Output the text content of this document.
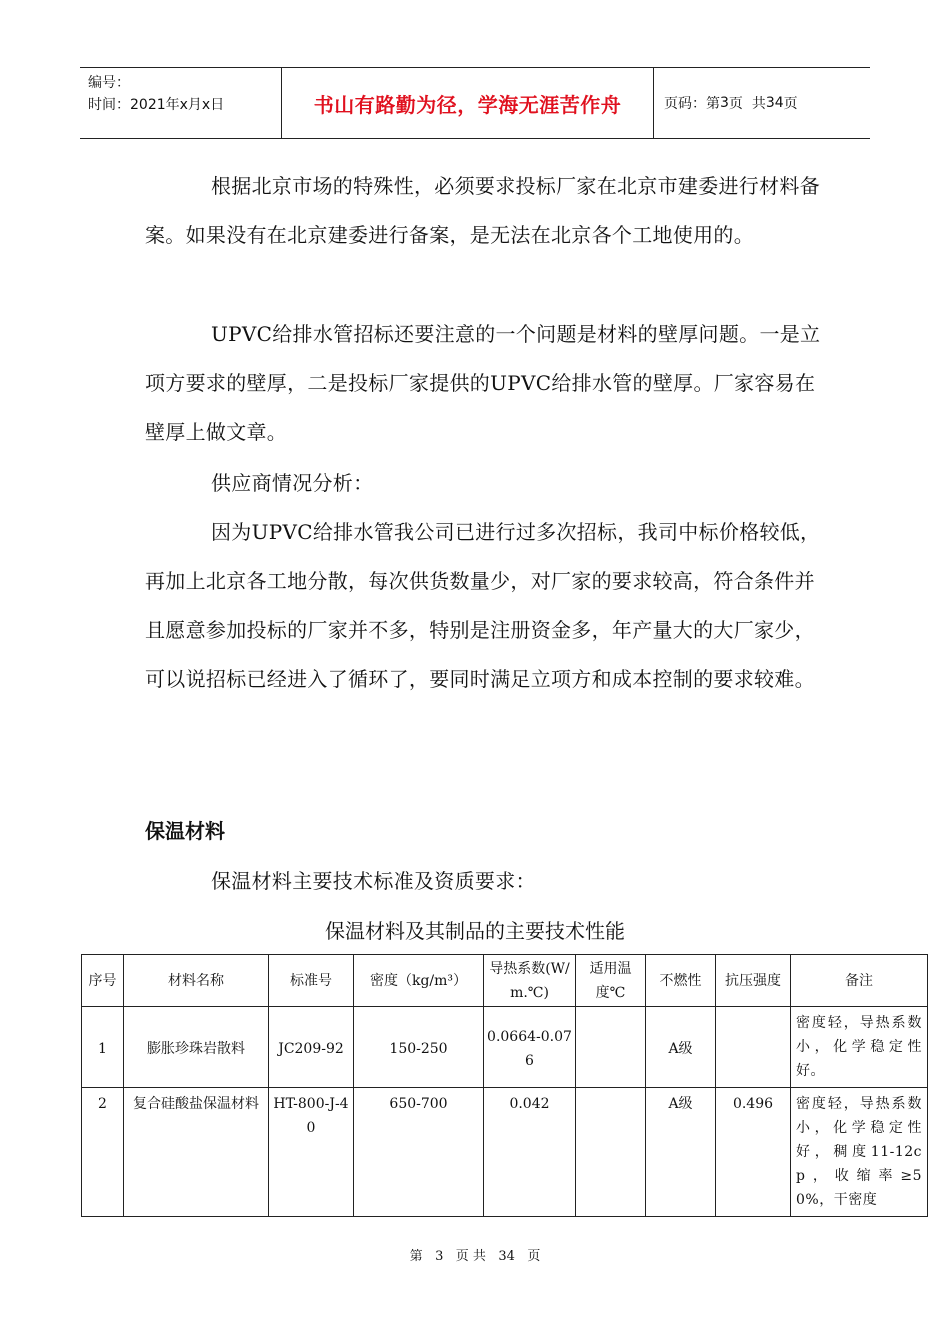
编号：
时间：2021年x月x日	书山有路勤为径，学海无涯苦作舟	页码：第 3 页  共 34 页
根据北京市场的特殊性，必须要求投标厂家在北京市建委进行材料备案。如果没有在北京建委进行备案，是无法在北京各个工地使用的。
UPVC给排水管招标还要注意的一个问题是材料的壁厚问题。一是立项方要求的壁厚，二是投标厂家提供的UPVC给排水管的壁厚。厂家容易在壁厚上做文章。
供应商情况分析：
因为UPVC给排水管我公司已进行过多次招标，我司中标价格较低，再加上北京各工地分散，每次供货数量少，对厂家的要求较高，符合条件并且愿意参加投标的厂家并不多，特别是注册资金多，年产量大的大厂家少，可以说招标已经进入了循环了，要同时满足立项方和成本控制的要求较难。
保温材料
保温材料主要技术标准及资质要求：
保温材料及其制品的主要技术性能
序号	材料名称	标准号	密度（kg/m³）	导热系数(W/m.℃)	适用温度℃	不燃性	抗压强度	备注
1	膨胀珍珠岩散料	JC209-92	150-250	0.0664-0.076		A级		密度轻，导热系数小，化学稳定性好。
2	复合硅酸盐保温材料	HT-800-J-40	650-700	0.042		A级	0.496	密度轻，导热系数小，化学稳定性好，稠度11-12cp，收缩率≥50%，干密度
第 3 页 共 34 页
